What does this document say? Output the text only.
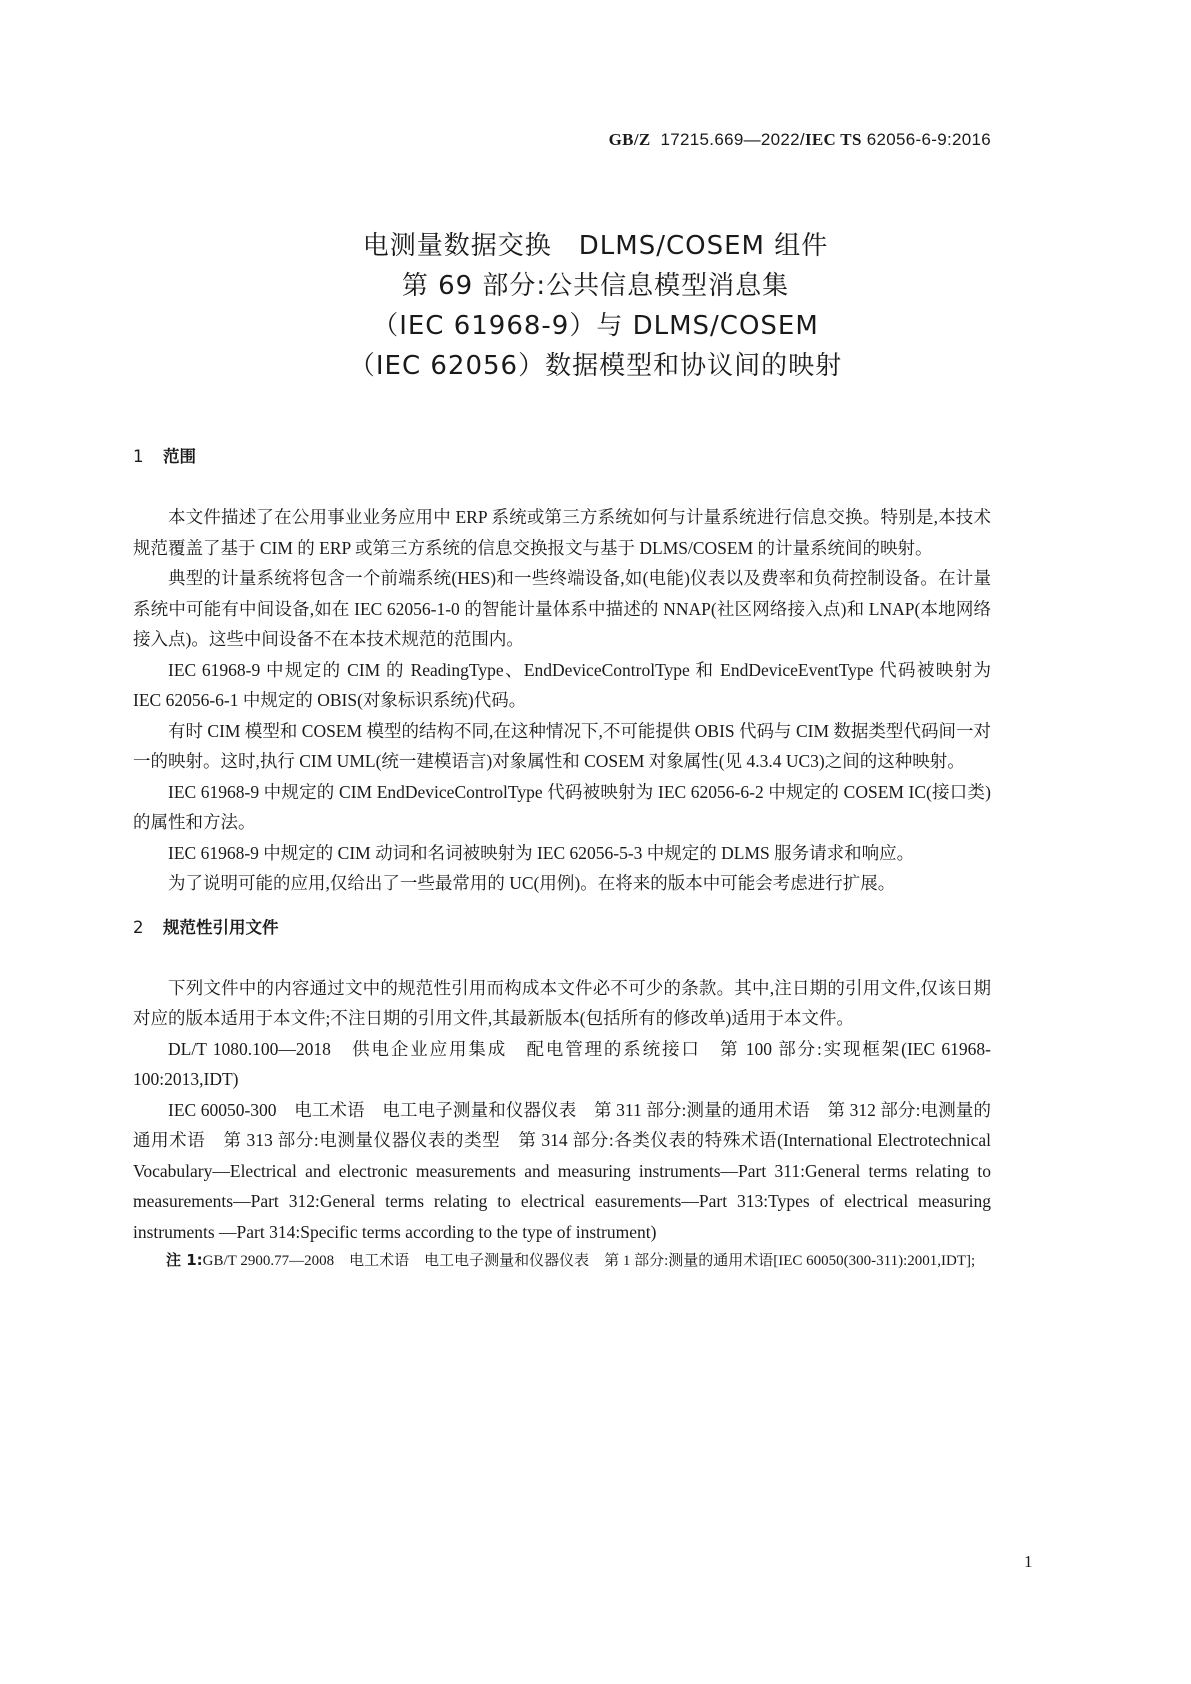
GB/Z 17215.669—2022/IEC TS 62056-6-9:2016
电测量数据交换　DLMS/COSEM 组件
第 69 部分:公共信息模型消息集
（IEC 61968-9）与 DLMS/COSEM
（IEC 62056）数据模型和协议间的映射
1 范围

本文件描述了在公用事业业务应用中 ERP 系统或第三方系统如何与计量系统进行信息交换。特别是,本技术规范覆盖了基于 CIM 的 ERP 或第三方系统的信息交换报文与基于 DLMS/COSEM 的计量系统间的映射。

典型的计量系统将包含一个前端系统(HES)和一些终端设备,如(电能)仪表以及费率和负荷控制设备。在计量系统中可能有中间设备,如在 IEC 62056-1-0 的智能计量体系中描述的 NNAP(社区网络接入点)和 LNAP(本地网络接入点)。这些中间设备不在本技术规范的范围内。

IEC 61968-9 中规定的 CIM 的 ReadingType、EndDeviceControlType 和 EndDeviceEventType 代码被映射为 IEC 62056-6-1 中规定的 OBIS(对象标识系统)代码。

有时 CIM 模型和 COSEM 模型的结构不同,在这种情况下,不可能提供 OBIS 代码与 CIM 数据类型代码间一对一的映射。这时,执行 CIM UML(统一建模语言)对象属性和 COSEM 对象属性(见 4.3.4 UC3)之间的这种映射。

IEC 61968-9 中规定的 CIM EndDeviceControlType 代码被映射为 IEC 62056-6-2 中规定的 COSEM IC(接口类)的属性和方法。

IEC 61968-9 中规定的 CIM 动词和名词被映射为 IEC 62056-5-3 中规定的 DLMS 服务请求和响应。

为了说明可能的应用,仅给出了一些最常用的 UC(用例)。在将来的版本中可能会考虑进行扩展。

2 规范性引用文件

下列文件中的内容通过文中的规范性引用而构成本文件必不可少的条款。其中,注日期的引用文件,仅该日期对应的版本适用于本文件;不注日期的引用文件,其最新版本(包括所有的修改单)适用于本文件。

DL/T 1080.100—2018　供电企业应用集成　配电管理的系统接口　第 100 部分:实现框架(IEC 61968-100:2013,IDT)

IEC 60050-300　电工术语　电工电子测量和仪器仪表　第 311 部分:测量的通用术语　第 312 部分:电测量的通用术语　第 313 部分:电测量仪器仪表的类型　第 314 部分:各类仪表的特殊术语(International Electrotechnical Vocabulary—Electrical and electronic measurements and measuring instruments—Part 311:General terms relating to measurements—Part 312:General terms relating to electrical easurements—Part 313:Types of electrical measuring instruments —Part 314:Specific terms according to the type of instrument)

注 1:GB/T 2900.77—2008　电工术语　电工电子测量和仪器仪表　第 1 部分:测量的通用术语[IEC 60050(300-311):2001,IDT];
1
